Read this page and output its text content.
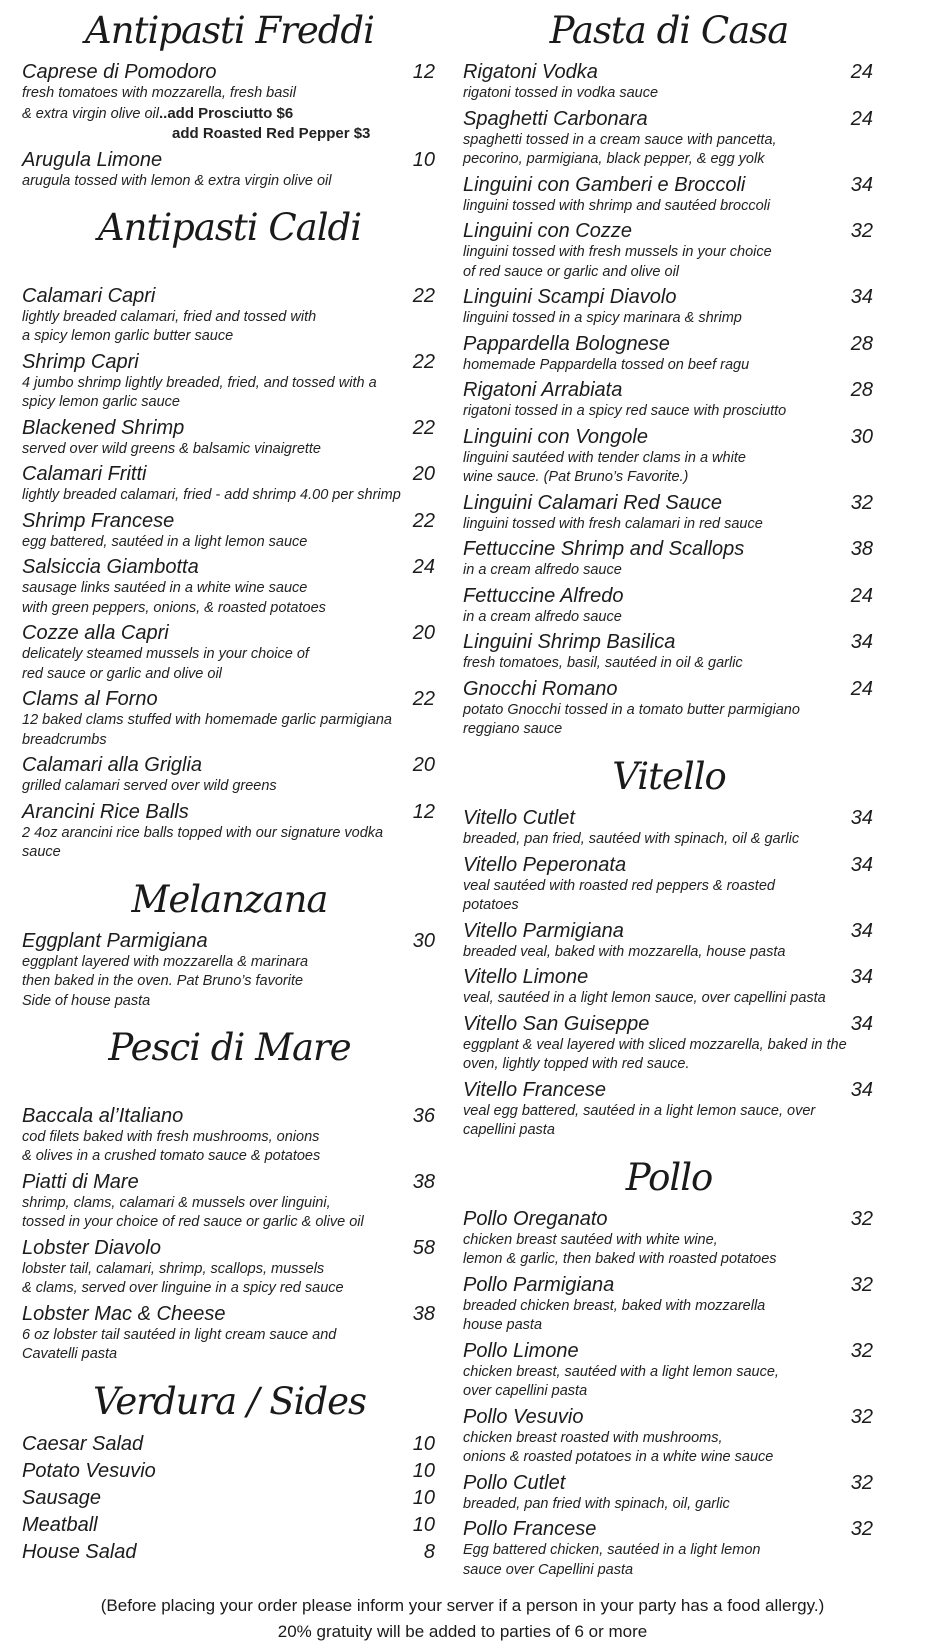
Antipasti Freddi
Caprese di Pomodoro	12
fresh tomatoes with mozzarella, fresh basil
& extra virgin olive oil..add Prosciutto $6
add Roasted Red Pepper $3
Arugula Limone	10
arugula tossed with lemon & extra virgin olive oil
Antipasti Caldi
Calamari Capri	22
lightly breaded calamari, fried and tossed with
a spicy lemon garlic butter sauce
Shrimp Capri	22
4 jumbo shrimp lightly breaded, fried, and tossed with a
spicy lemon garlic sauce
Blackened Shrimp	22
served over wild greens & balsamic vinaigrette
Calamari Fritti	20
lightly breaded calamari, fried - add shrimp 4.00 per shrimp
Shrimp Francese	22
egg battered, sautéed in a light lemon sauce
Salsiccia Giambotta	24
sausage links sautéed in a white wine sauce
with green peppers, onions, & roasted potatoes
Cozze alla Capri	20
delicately steamed mussels in your choice of
red sauce or garlic and olive oil
Clams al Forno	22
12 baked clams stuffed with homemade garlic parmigiana
breadcrumbs
Calamari alla Griglia	20
grilled calamari served over wild greens
Arancini Rice Balls	12
2 4oz arancini rice balls topped with our signature vodka
sauce
Melanzana
Eggplant Parmigiana	30
eggplant layered with mozzarella & marinara
then baked in the oven. Pat Bruno’s favorite
Side of house pasta
Pesci di Mare
Baccala al’Italiano	36
cod filets baked with fresh mushrooms, onions
& olives in a crushed tomato sauce & potatoes
Piatti di Mare	38
shrimp, clams, calamari & mussels over linguini,
tossed in your choice of red sauce or garlic & olive oil
Lobster Diavolo	58
lobster tail, calamari, shrimp, scallops, mussels
& clams, served over linguine in a spicy red sauce
Lobster Mac & Cheese	38
6 oz lobster tail sautéed in light cream sauce and
Cavatelli pasta
Verdura / Sides
Caesar Salad	10
Potato Vesuvio	10
Sausage	10
Meatball	10
House Salad	8
Pasta di Casa
Rigatoni Vodka	24
rigatoni tossed in vodka sauce
Spaghetti Carbonara	24
spaghetti tossed in a cream sauce with pancetta,
pecorino, parmigiana, black pepper, & egg yolk
Linguini con Gamberi e Broccoli	34
linguini tossed with shrimp and sautéed broccoli
Linguini con Cozze	32
linguini tossed with fresh mussels in your choice
of red sauce or garlic and olive oil
Linguini Scampi Diavolo	34
linguini tossed in a spicy marinara & shrimp
Pappardella Bolognese	28
homemade Pappardella tossed on beef ragu
Rigatoni Arrabiata	28
rigatoni tossed in a spicy red sauce with prosciutto
Linguini con Vongole	30
linguini sautéed with tender clams in a white
wine sauce. (Pat Bruno’s Favorite.)
Linguini Calamari Red Sauce	32
linguini tossed with fresh calamari in red sauce
Fettuccine Shrimp and Scallops	38
in a cream alfredo sauce
Fettuccine Alfredo	24
in a cream alfredo sauce
Linguini Shrimp Basilica	34
fresh tomatoes, basil, sautéed in oil & garlic
Gnocchi Romano	24
potato Gnocchi tossed in a tomato butter parmigiano
reggiano sauce
Vitello
Vitello Cutlet	34
breaded, pan fried, sautéed with spinach, oil & garlic
Vitello Peperonata	34
veal sautéed with roasted red peppers & roasted
potatoes
Vitello Parmigiana	34
breaded veal, baked with mozzarella, house pasta
Vitello Limone	34
veal, sautéed in a light lemon sauce, over capellini pasta
Vitello San Guiseppe	34
eggplant & veal layered with sliced mozzarella, baked in the
oven, lightly topped with red sauce.
Vitello Francese	34
veal egg battered, sautéed in a light lemon sauce, over
capellini pasta
Pollo
Pollo Oreganato	32
chicken breast sautéed with white wine,
lemon & garlic, then baked with roasted potatoes
Pollo Parmigiana	32
breaded chicken breast, baked with mozzarella
house pasta
Pollo Limone	32
chicken breast, sautéed with a light lemon sauce,
over capellini pasta
Pollo Vesuvio	32
chicken breast roasted with mushrooms,
onions & roasted potatoes in a white wine sauce
Pollo Cutlet	32
breaded, pan fried with spinach, oil, garlic
Pollo Francese	32
Egg battered chicken, sautéed in a light lemon
sauce over Capellini pasta
(Before placing your order please inform your server if a person in your party has a food allergy.)
20% gratuity will be added to parties of 6 or more
